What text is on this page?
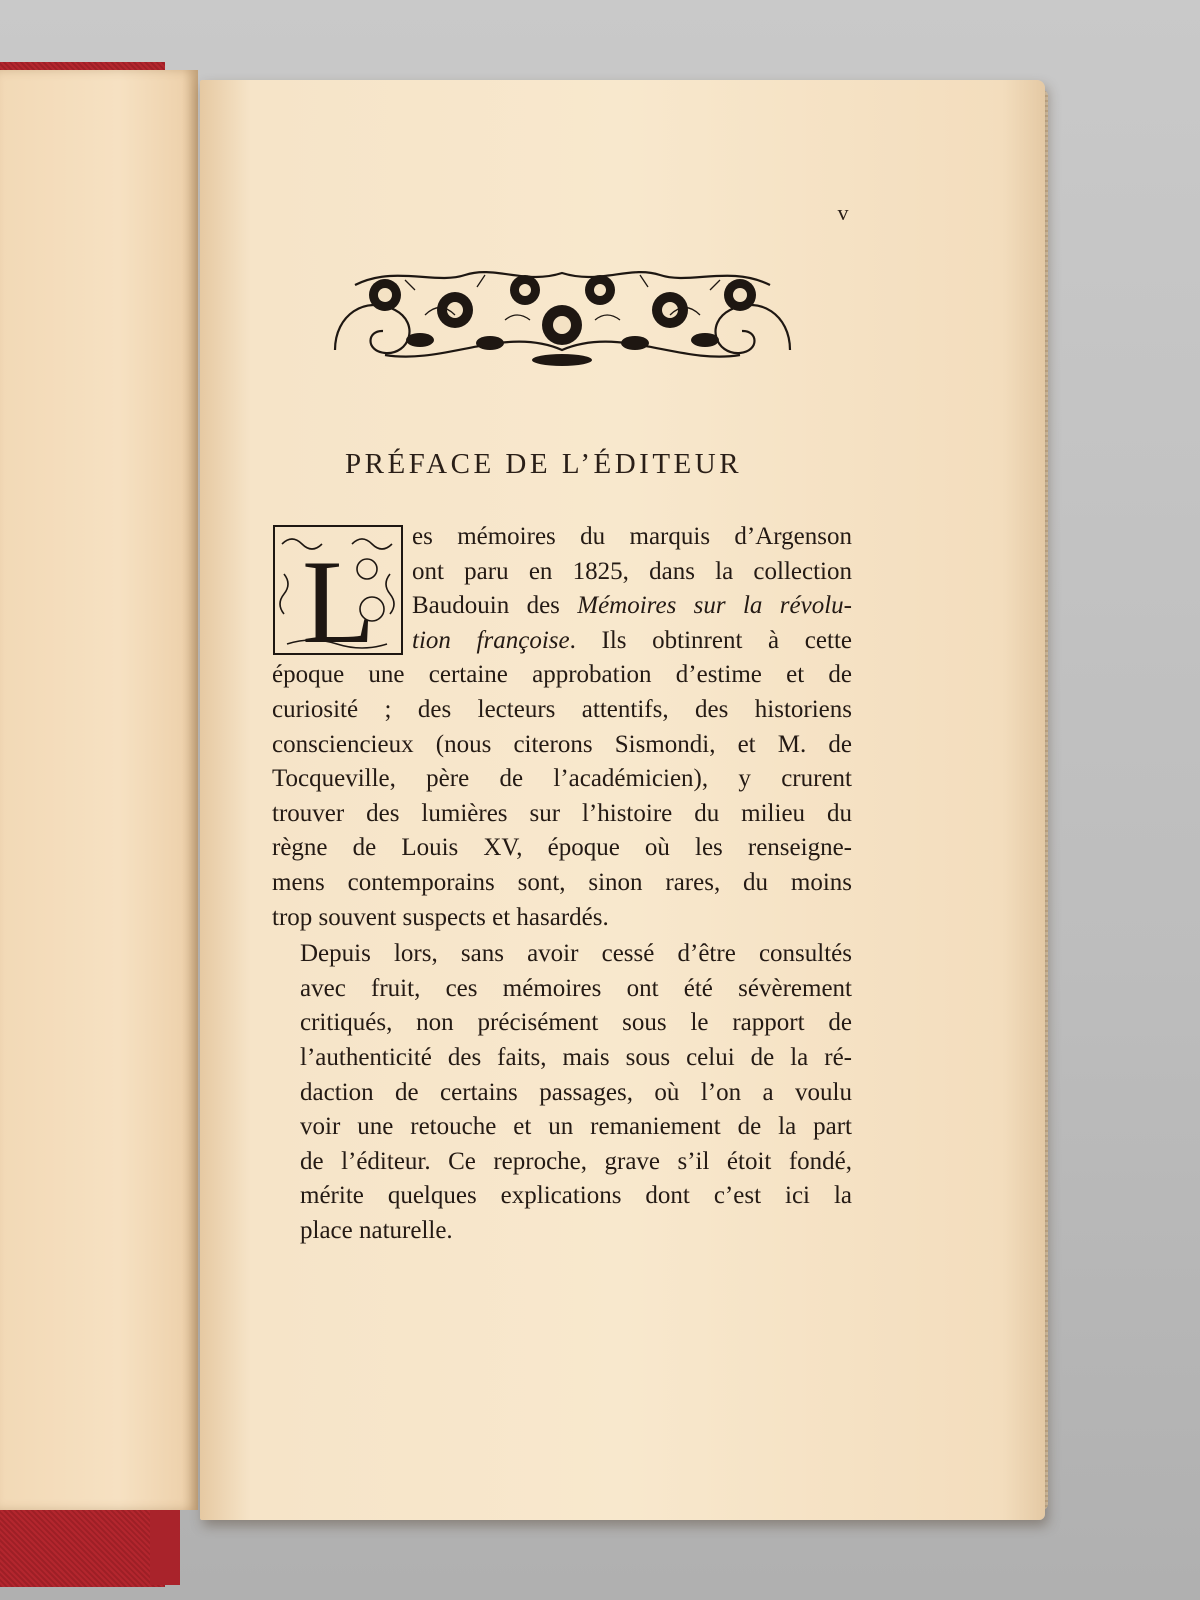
v
PRÉFACE DE L’ÉDITEUR
L	es mémoires du marquis d’Argenson
ont paru en 1825, dans la collection
Baudouin des Mémoires sur la révolu-
tion françoise. Ils obtinrent à cette
époque une certaine approbation d’estime et de
curiosité ; des lecteurs attentifs, des historiens
consciencieux (nous citerons Sismondi, et M. de
Tocqueville, père de l’académicien), y crurent
trouver des lumières sur l’histoire du milieu du
règne de Louis XV, époque où les renseigne-
mens contemporains sont, sinon rares, du moins
trop souvent suspects et hasardés.

Depuis lors, sans avoir cessé d’être consultés
avec fruit, ces mémoires ont été sévèrement
critiqués, non précisément sous le rapport de
l’authenticité des faits, mais sous celui de la ré-
daction de certains passages, où l’on a voulu
voir une retouche et un remaniement de la part
de l’éditeur. Ce reproche, grave s’il étoit fondé,
mérite quelques explications dont c’est ici la
place naturelle.
